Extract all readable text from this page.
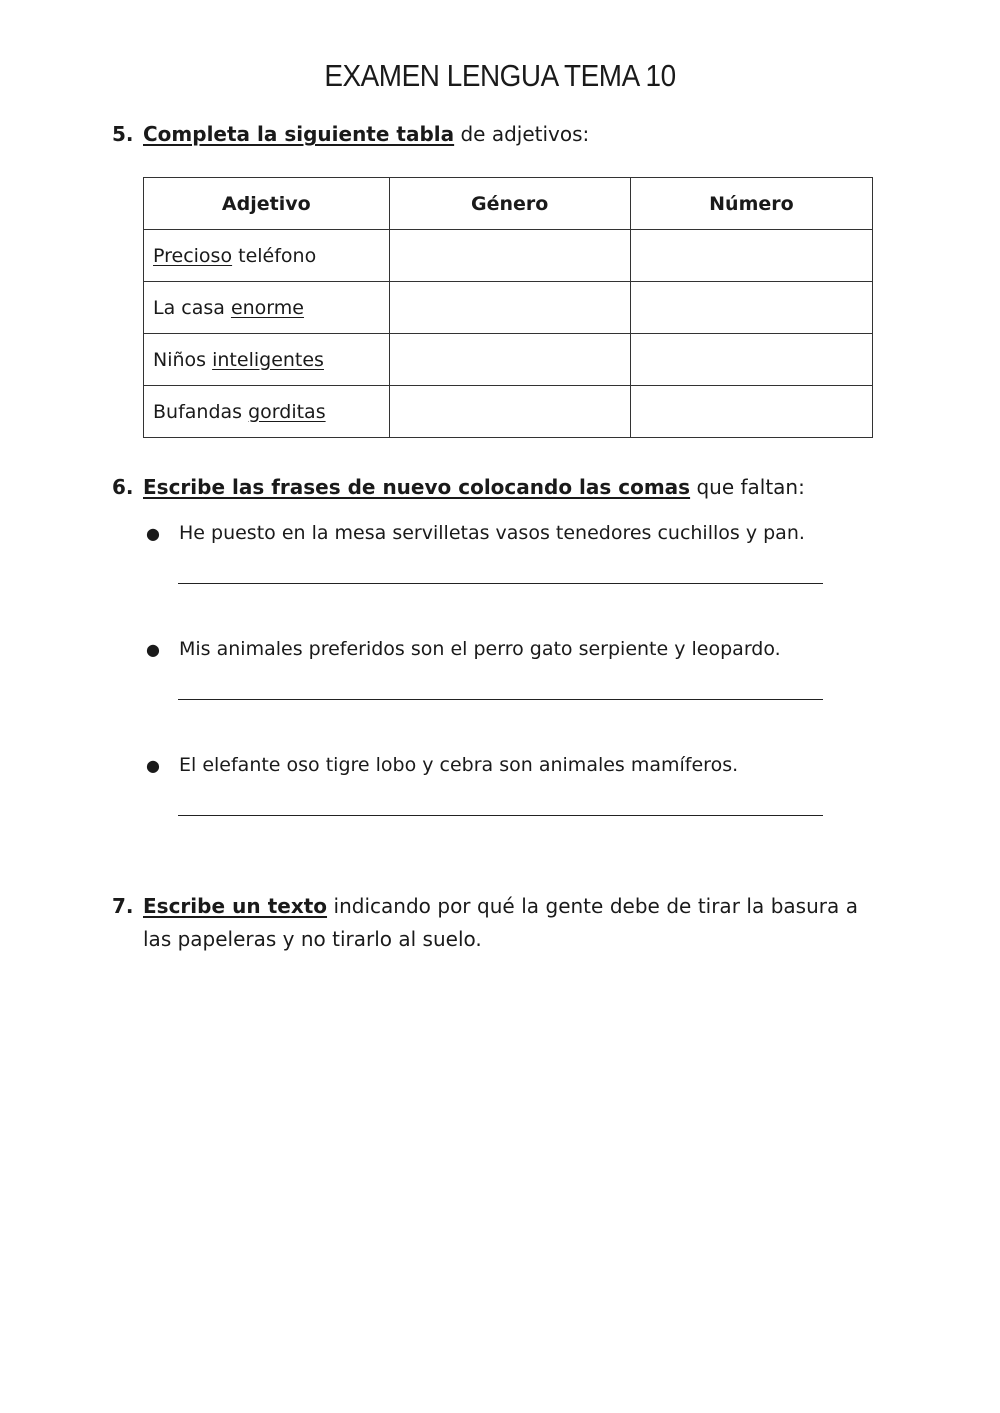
EXAMEN LENGUA TEMA 10
5. Completa la siguiente tabla de adjetivos:
Adjetivo	Género	Número
Precioso teléfono		
La casa enorme		
Niños inteligentes		
Bufandas gorditas		
6. Escribe las frases de nuevo colocando las comas que faltan:
● He puesto en la mesa servilletas vasos tenedores cuchillos y pan.
● Mis animales preferidos son el perro gato serpiente y leopardo.
● El elefante oso tigre lobo y cebra son animales mamíferos.
7. Escribe un texto indicando por qué la gente debe de tirar la basura a las papeleras y no tirarlo al suelo.
